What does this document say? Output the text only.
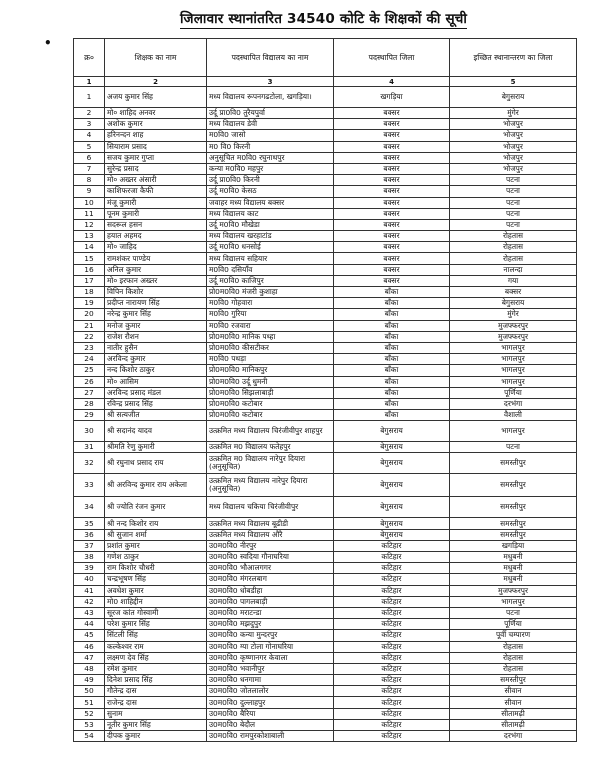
जिलावार स्थानांतरित 34540 कोटि के शिक्षकों की सूची
•
क्र०	शिक्षक का नाम	पदस्थापित विद्यालय का नाम	पदस्थापित जिला	इच्छित स्थानान्तरण का जिला
1	2	3	4	5
1	अजय कुमार सिंह	मध्य विद्यालय रूपनगढटोला, खगड़िया।	खगड़िया	बेगुसराय
2	मो० शाहिद अनवर	उर्दू प्रा0वि0 तुरैयपुर्वा	बक्सर	मुंगेर
3	अशोक कुमार	मध्य विद्यालय डेवी	बक्सर	भोजपुर
4	हरिनन्दन शाह	म0वि0 जासो	बक्सर	भोजपुर
5	सियाराम प्रसाद	म0 वि0 किरनी	बक्सर	भोजपुर
6	सजय कुमार गुप्ता	अनुसूचित म0वि0 रघुनाथपुर	बक्सर	भोजपुर
7	सुरेन्द्र प्रसाद	कन्या म0वि0 महपुर	बक्सर	भोजपुर
8	मो० अख्तर अंसारी	उर्दू प्रा0वि0 किरनी	बक्सर	पटना
9	काशिफरजा कैफी	उर्दू म0वि0 केसठ	बक्सर	पटना
10	मंजू कुमारी	जवाहर मध्य विद्यालय बक्सर	बक्सर	पटना
11	पूनम कुमारी	मध्य विद्यालय काट	बक्सर	पटना
12	सदरूल हसन	उर्दू म0वि0 मौखेडा	बक्सर	पटना
13	हयात अहमद	मध्य विद्यालय खरहाटांड	बक्सर	रोहतास
14	मो० जाहिद	उर्दू म0वि0 धनसोई	बक्सर	रोहतास
15	रामशंकर पाण्डेय	मध्य विद्यालय सहियार	बक्सर	रोहतास
16	अनिल कुमार	म0वि0 दसियाँव	बक्सर	नालन्दा
17	मो० इरफान अख्तर	उर्दू म0वि0 काजिपुर	बक्सर	गया
18	विपिन किशोर	प्रो0म0वि0 मंजरी कुशाहा	बाँका	बक्सर
19	प्रदीप्त नारायण सिंह	म0वि0 गोहवारा	बाँका	बेगुसराय
20	नरेन्द्र कुमार सिंह	म0वि0 गुरिया	बाँका	मुंगेर
21	मनोज कुमार	म0वि0 रजवारा	बाँका	मुजफ्फरपुर
22	राजेश रौशन	प्रो0म0वि0 मानिक पथ्हा	बाँका	मुजफ्फरपुर
23	नातीर हुसैन	प्रो0म0वि0 कीसटीकर	बाँका	भागलपुर
24	अरविन्द कुमार	म0वि0 पथड़ा	बाँका	भागलपुर
25	नन्द किशोर ठाकुर	प्रो0म0वि0 मानिकपुर	बाँका	भागलपुर
26	मो० आसिम	प्रो0म0वि0 उर्दू धुमनी	बाँका	भागलपुर
27	अरविन्द प्रसाद मंडल	प्रो0म0वि0 सिझलाबाड़ी	बाँका	पूर्णिया
28	रविन्द्र प्रसाद सिंह	प्रो0म0वि0 कटोबार	बाँका	दरभंगा
29	श्री सत्यजीत	प्रो0म0वि0 कटोबार	बाँका	वैशाली
30	श्री सदानंद यादव	उत्क्रमित मध्य विद्यालय चिरंजीवीपुर शाहपुर	बेगुसराय	भागलपुर
31	श्रीमति रेणु कुमारी	उत्क्रमित म0 विद्यालय फतेहपुर	बेगुसराय	पटना
32	श्री रघुनाथ प्रसाद राय	उत्क्रमित म0 विद्यालय नारेपुर दियारा (अनुसूचित)	बेगुसराय	समस्तीपुर
33	श्री अरविन्द कुमार राय अकेला	उत्क्रमित मध्य विद्यालय नारेपुर दियारा (अनुसूचित)	बेगुसराय	समस्तीपुर
34	श्री ज्योति रंजन कुमार	मध्य विद्यालय चकिया चिरंजीवीपुर	बेगुसराय	समस्तीपुर
35	श्री नन्द किशोर राय	उत्क्रमित मध्य विद्यालय बूढीडी	बेगुसराय	समस्तीपुर
36	श्री सुजान शर्मा	उत्क्रमित मध्य विद्यालय औरै	बेगुसराय	समस्तीपुर
37	प्रशांत कुमार	उ0म0वि0 नीरपुर	कटिहार	खगड़िया
38	गणेश ठाकुर	उ0म0वि0 स्वदिया गौनाघरिया	कटिहार	मधुबनी
39	राम किशोर चौधरी	उ0म0वि0 भौआलगगर	कटिहार	मधुबनी
40	चन्द्रभूषण सिंह	उ0म0वि0 मंगरलबाग	कटिहार	मधुबनी
41	अवधेश कुमार	उ0म0वि0 धोबडीहा	कटिहार	मुजफ्फरपुर
42	मो0 शाहिद्दीन	उ0म0वि0 पागलबाड़ी	कटिहार	भागलपुर
43	सूरज कांत गोस्वामी	उ0म0वि0 मराटन्डा	कटिहार	पटना
44	परेश कुमार सिंह	उ0म0वि0 मझदुपुर	कटिहार	पूर्णिया
45	सिंटली सिंह	उ0म0वि0 कन्या मुन्दरपुर	कटिहार	पूर्वी चम्पारण
46	कल्केश्वर राम	उ0म0वि0 ग्या टोला गोनाघरिया	कटिहार	रोहतास
47	लक्ष्मण देव सिंह	उ0म0वि0 कृष्णानगर केवाला	कटिहार	रोहतास
48	रमेश कुमार	उ0म0वि0 भवानीपुर	कटिहार	रोहतास
49	दिनेश प्रसाद सिंह	उ0म0वि0 धनगामा	कटिहार	समस्तीपुर
50	गौतेन्द्र दास	उ0म0वि0 जोतलालोर	कटिहार	सीवान
51	राजेन्द्र दास	उ0म0वि0 दुल्लाहपुर	कटिहार	सीवान
52	सुनाम	उ0म0वि0 बैरिया	कटिहार	सीतामढ़ी
53	नूतीर कुमार सिंह	उ0म0वि0 बेदौल	कटिहार	सीतामढ़ी
54	दीपक कुमार	उ0म0वि0 रामपुरकोशाबाली	कटिहार	दरभंगा
